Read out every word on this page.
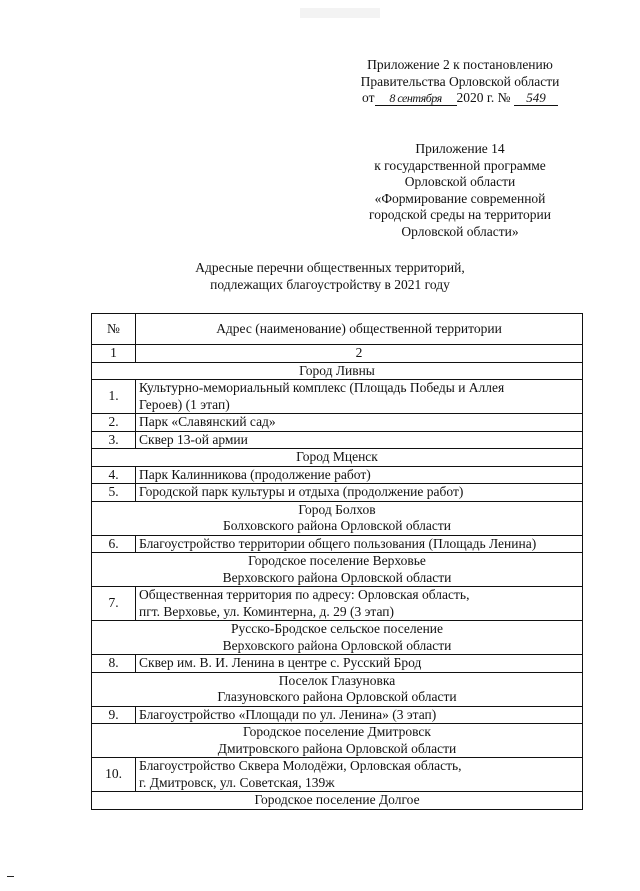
Приложение 2 к постановлению
Правительства Орловской области
от 8 сентября 2020 г. № 549
Приложение 14
к государственной программе
Орловской области
«Формирование современной
городской среды на территории
Орловской области»
Адресные перечни общественных территорий,
подлежащих благоустройству в 2021 году
№	Адрес (наименование) общественной территории
1	2

Город Ливны	

1.	Культурно-мемориальный комплекс (Площадь Победы и Аллея
Героев) (1 этап)

2.	Парк «Славянский сад»

3.	Сквер 13-ой армии

Город Мценск	

4.	Парк Калинникова (продолжение работ)

5.	Городской парк культуры и отдыха (продолжение работ)

Город Болхов
Болховского района Орловской области	

6.	Благоустройство территории общего пользования (Площадь Ленина)

Городское поселение Верховье
Верховского района Орловской области	

7.	Общественная территория по адресу: Орловская область,
пгт. Верховье, ул. Коминтерна, д. 29 (3 этап)

Русско-Бродское сельское поселение
Верховского района Орловской области	

8.	Сквер им. В. И. Ленина в центре с. Русский Брод

Поселок Глазуновка
Глазуновского района Орловской области	

9.	Благоустройство «Площади по ул. Ленина» (3 этап)

Городское поселение Дмитровск
Дмитровского района Орловской области	

10.	Благоустройство Сквера Молодёжи, Орловская область,
г. Дмитровск, ул. Советская, 139ж

Городское поселение Долгое	
